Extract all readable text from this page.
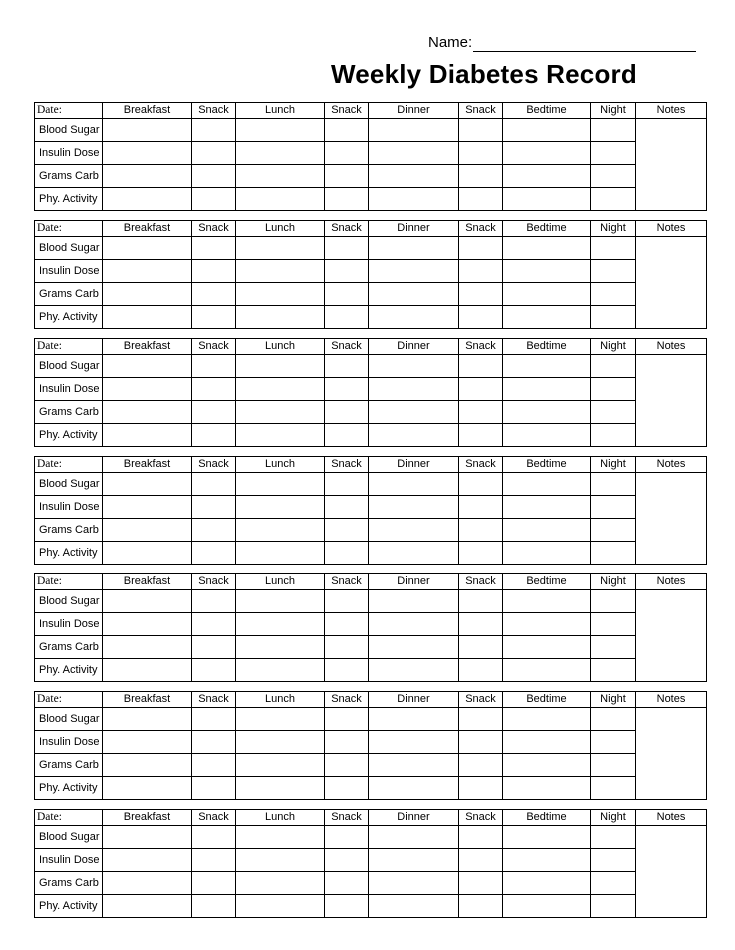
Name:
Weekly Diabetes Record
Date:	Breakfast	Snack	Lunch	Snack	Dinner	Snack	Bedtime	Night	Notes
Blood Sugar									
Insulin Dose									
Grams Carb									
Phy. Activity									
Date:	Breakfast	Snack	Lunch	Snack	Dinner	Snack	Bedtime	Night	Notes
Blood Sugar									
Insulin Dose									
Grams Carb									
Phy. Activity									
Date:	Breakfast	Snack	Lunch	Snack	Dinner	Snack	Bedtime	Night	Notes
Blood Sugar									
Insulin Dose									
Grams Carb									
Phy. Activity									
Date:	Breakfast	Snack	Lunch	Snack	Dinner	Snack	Bedtime	Night	Notes
Blood Sugar									
Insulin Dose									
Grams Carb									
Phy. Activity									
Date:	Breakfast	Snack	Lunch	Snack	Dinner	Snack	Bedtime	Night	Notes
Blood Sugar									
Insulin Dose									
Grams Carb									
Phy. Activity									
Date:	Breakfast	Snack	Lunch	Snack	Dinner	Snack	Bedtime	Night	Notes
Blood Sugar									
Insulin Dose									
Grams Carb									
Phy. Activity									
Date:	Breakfast	Snack	Lunch	Snack	Dinner	Snack	Bedtime	Night	Notes
Blood Sugar									
Insulin Dose									
Grams Carb									
Phy. Activity									
